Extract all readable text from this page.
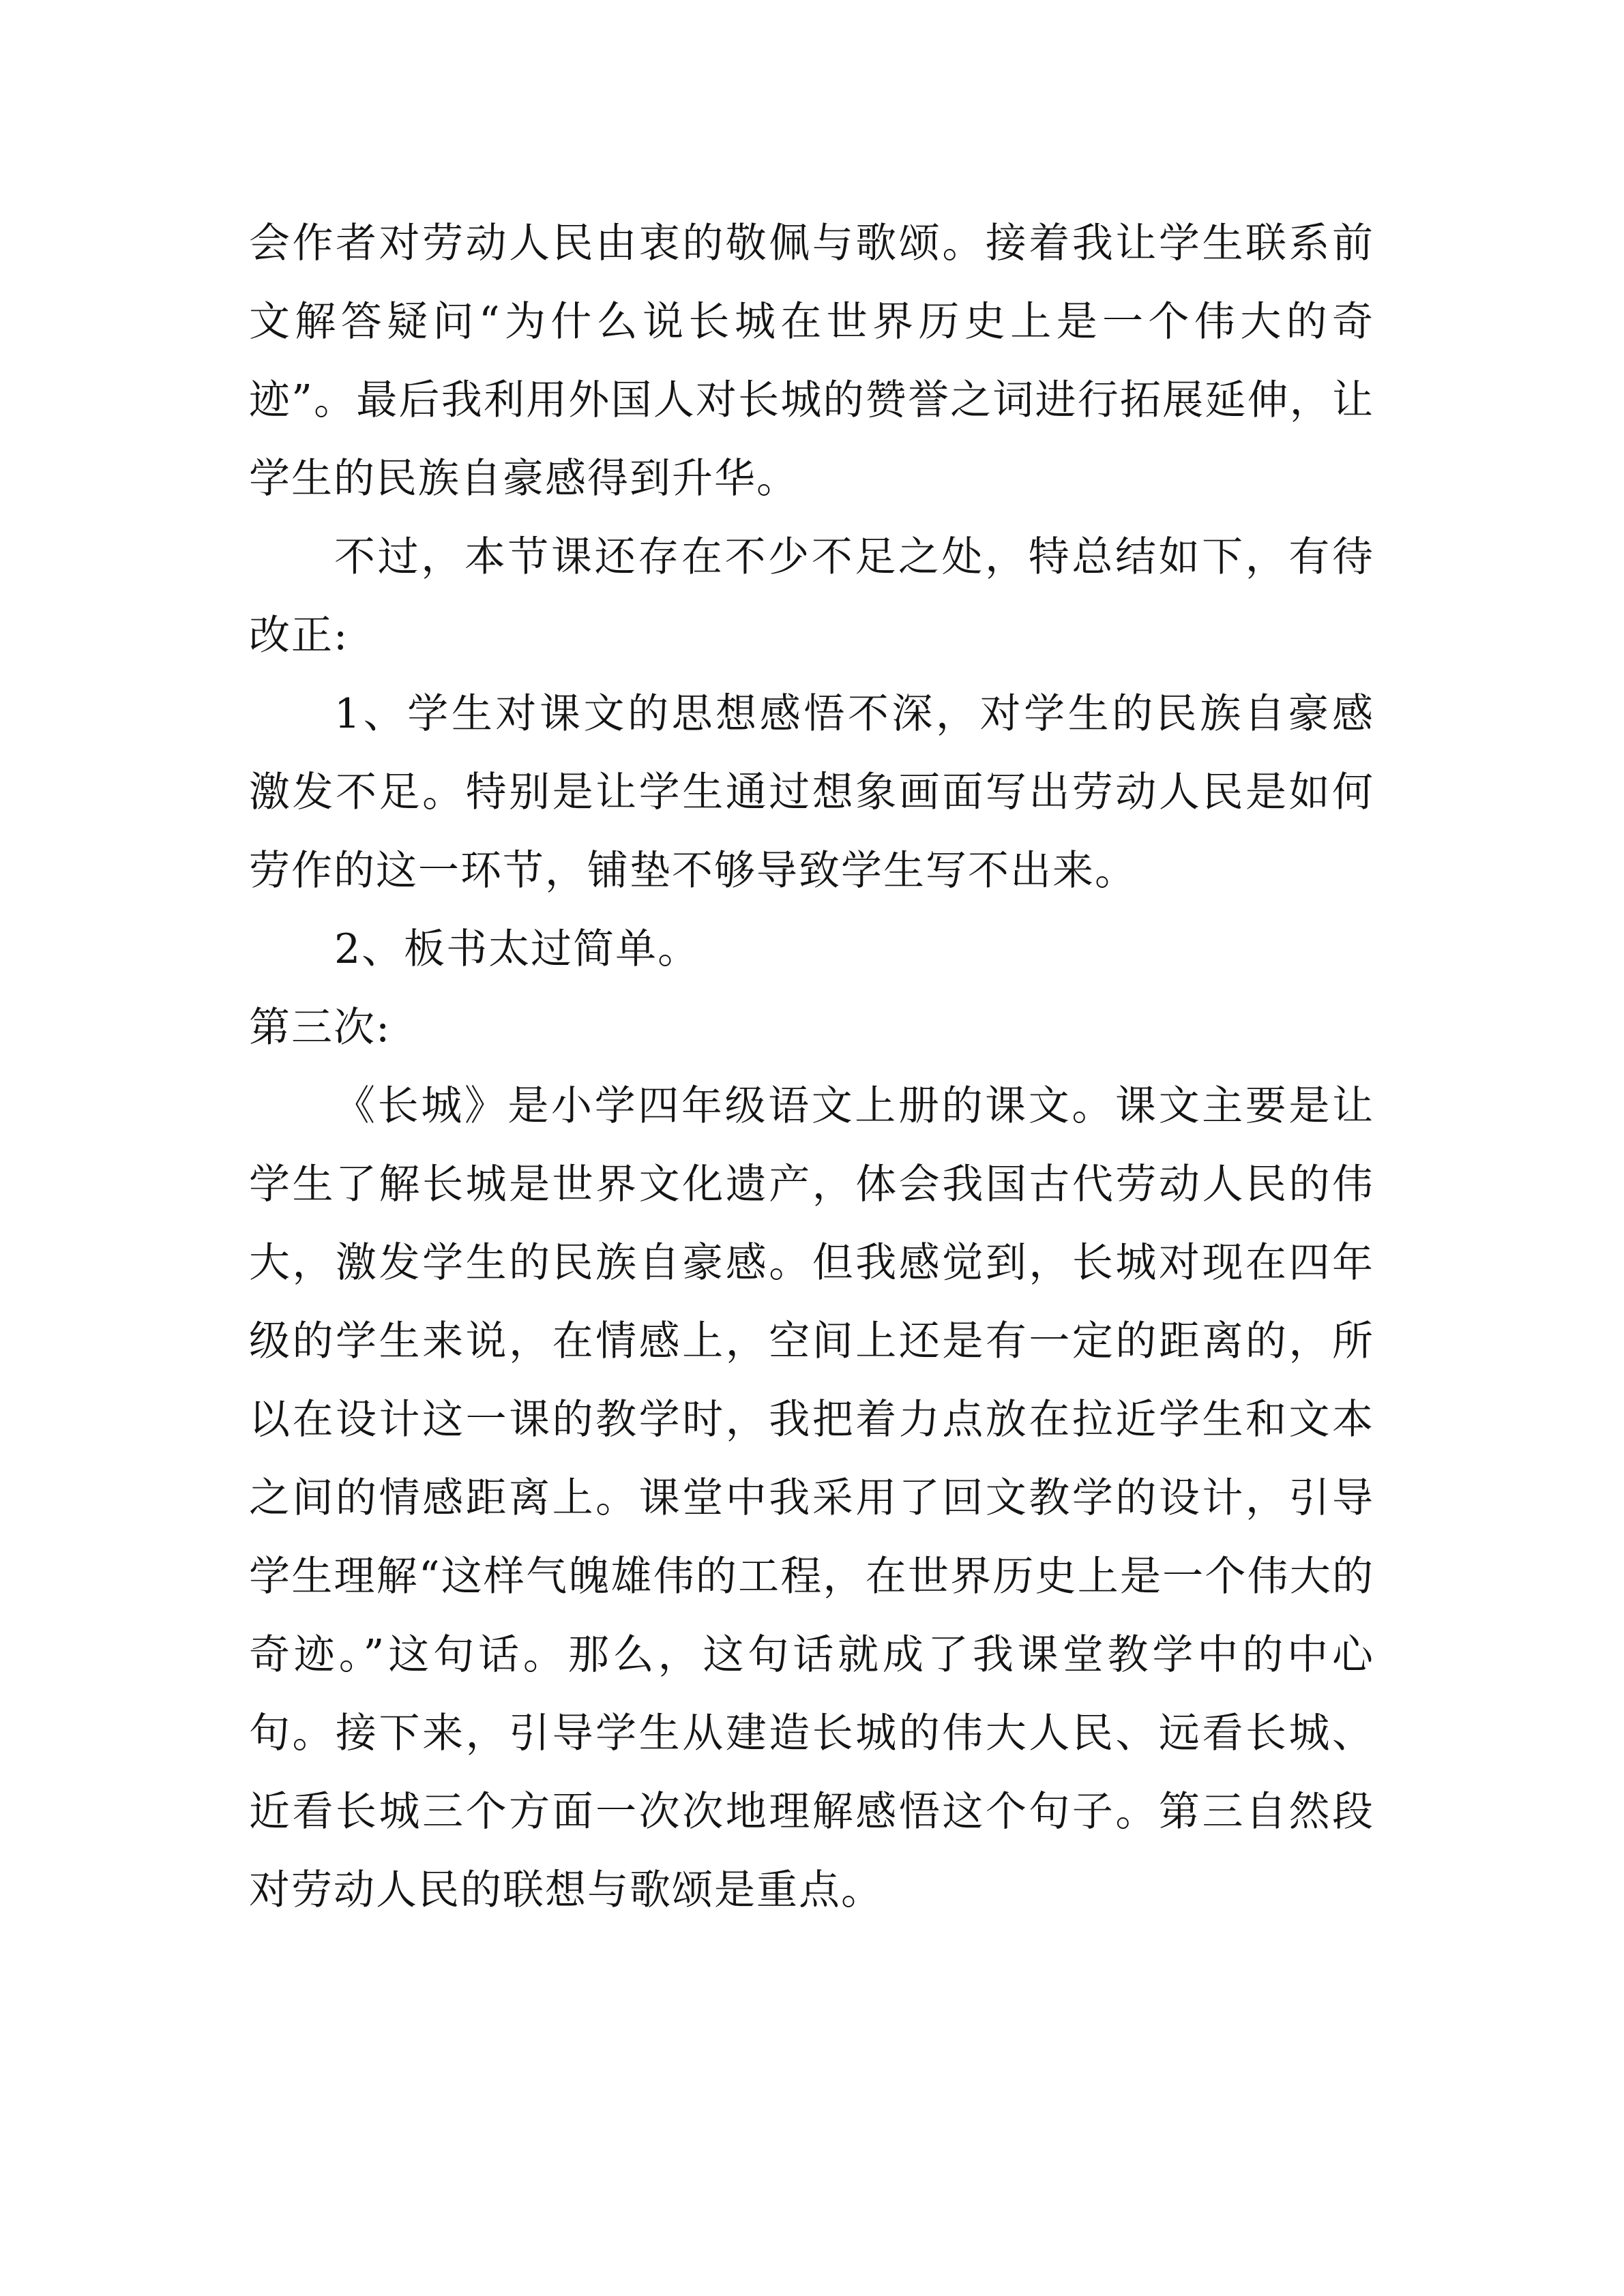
会作者对劳动人民由衷的敬佩与歌颂。接着我让学生联系前文解答疑问“为什么说长城在世界历史上是一个伟大的奇迹”。最后我利用外国人对长城的赞誉之词进行拓展延伸，让学生的民族自豪感得到升华。

不过，本节课还存在不少不足之处，特总结如下，有待改正:

1、学生对课文的思想感悟不深，对学生的民族自豪感激发不足。特别是让学生通过想象画面写出劳动人民是如何劳作的这一环节，铺垫不够导致学生写不出来。

2、板书太过简单。

第三次:

《长城》是小学四年级语文上册的课文。课文主要是让学生了解长城是世界文化遗产，体会我国古代劳动人民的伟大，激发学生的民族自豪感。但我感觉到，长城对现在四年级的学生来说，在情感上，空间上还是有一定的距离的，所以在设计这一课的教学时，我把着力点放在拉近学生和文本之间的情感距离上。课堂中我采用了回文教学的设计，引导学生理解“这样气魄雄伟的工程，在世界历史上是一个伟大的奇迹。”这句话。那么，这句话就成了我课堂教学中的中心句。接下来，引导学生从建造长城的伟大人民、远看长城、近看长城三个方面一次次地理解感悟这个句子。第三自然段对劳动人民的联想与歌颂是重点。
